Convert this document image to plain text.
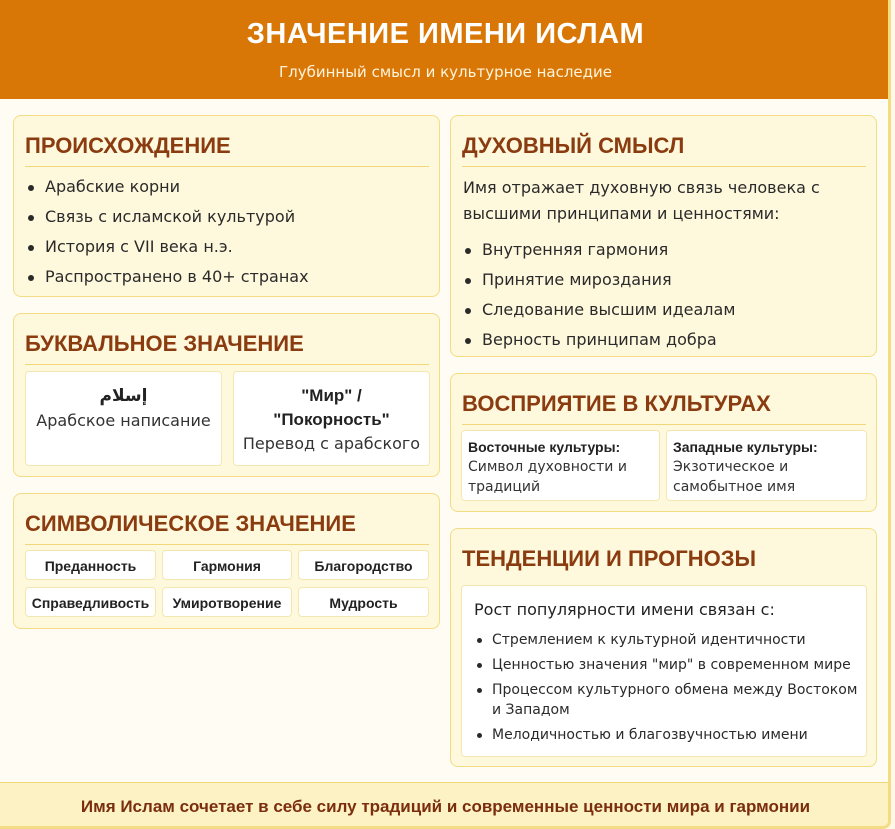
ЗНАЧЕНИЕ ИМЕНИ ИСЛАМ
Глубинный смысл и культурное наследие
ПРОИСХОЖДЕНИЕ
Арабские корни
Связь с исламской культурой
История с VII века н.э.
Распространено в 40+ странах
БУКВАЛЬНОЕ ЗНАЧЕНИЕ
إسلام
Арабское написание
"Мир" /
"Покорность"
Перевод с арабского
СИМВОЛИЧЕСКОЕ ЗНАЧЕНИЕ
Преданность	Гармония	Благородство
Справедливость	Умиротворение	Мудрость
ДУХОВНЫЙ СМЫСЛ

Имя отражает духовную связь человека с высшими принципами и ценностями:

Внутренняя гармония
Принятие мироздания
Следование высшим идеалам
Верность принципам добра
ВОСПРИЯТИЕ В КУЛЬТУРАХ
Восточные культуры:
Символ духовности и традиций
Западные культуры:
Экзотическое и самобытное имя
ТЕНДЕНЦИИ И ПРОГНОЗЫ
Рост популярности имени связан с:
Стремлением к культурной идентичности
Ценностью значения "мир" в современном мире
Процессом культурного обмена между Востоком и Западом
Мелодичностью и благозвучностью имени

Имя Ислам сочетает в себе силу традиций и современные ценности мира и гармонии
